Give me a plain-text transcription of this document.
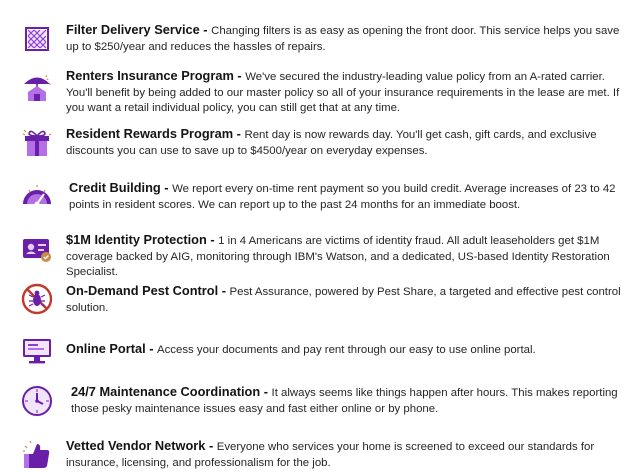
Filter Delivery Service - Changing filters is as easy as opening the front door. This service helps you save up to $250/year and reduces the hassles of repairs.
Renters Insurance Program - We've secured the industry-leading value policy from an A-rated carrier. You'll benefit by being added to our master policy so all of your insurance requirements in the lease are met. If you want a retail individual policy, you can still get that at any time.
Resident Rewards Program - Rent day is now rewards day. You'll get cash, gift cards, and exclusive discounts you can use to save up to $4500/year on everyday expenses.
Credit Building - We report every on-time rent payment so you build credit. Average increases of 23 to 42 points in resident scores. We can report up to the past 24 months for an immediate boost.
$1M Identity Protection - 1 in 4 Americans are victims of identity fraud. All adult leaseholders get $1M coverage backed by AIG, monitoring through IBM's Watson, and a dedicated, US-based Identity Restoration Specialist.
On-Demand Pest Control - Pest Assurance, powered by Pest Share, a targeted and effective pest control solution.
Online Portal - Access your documents and pay rent through our easy to use online portal.
24/7 Maintenance Coordination - It always seems like things happen after hours. This makes reporting those pesky maintenance issues easy and fast either online or by phone.
Vetted Vendor Network - Everyone who services your home is screened to exceed our standards for insurance, licensing, and professionalism for the job.
